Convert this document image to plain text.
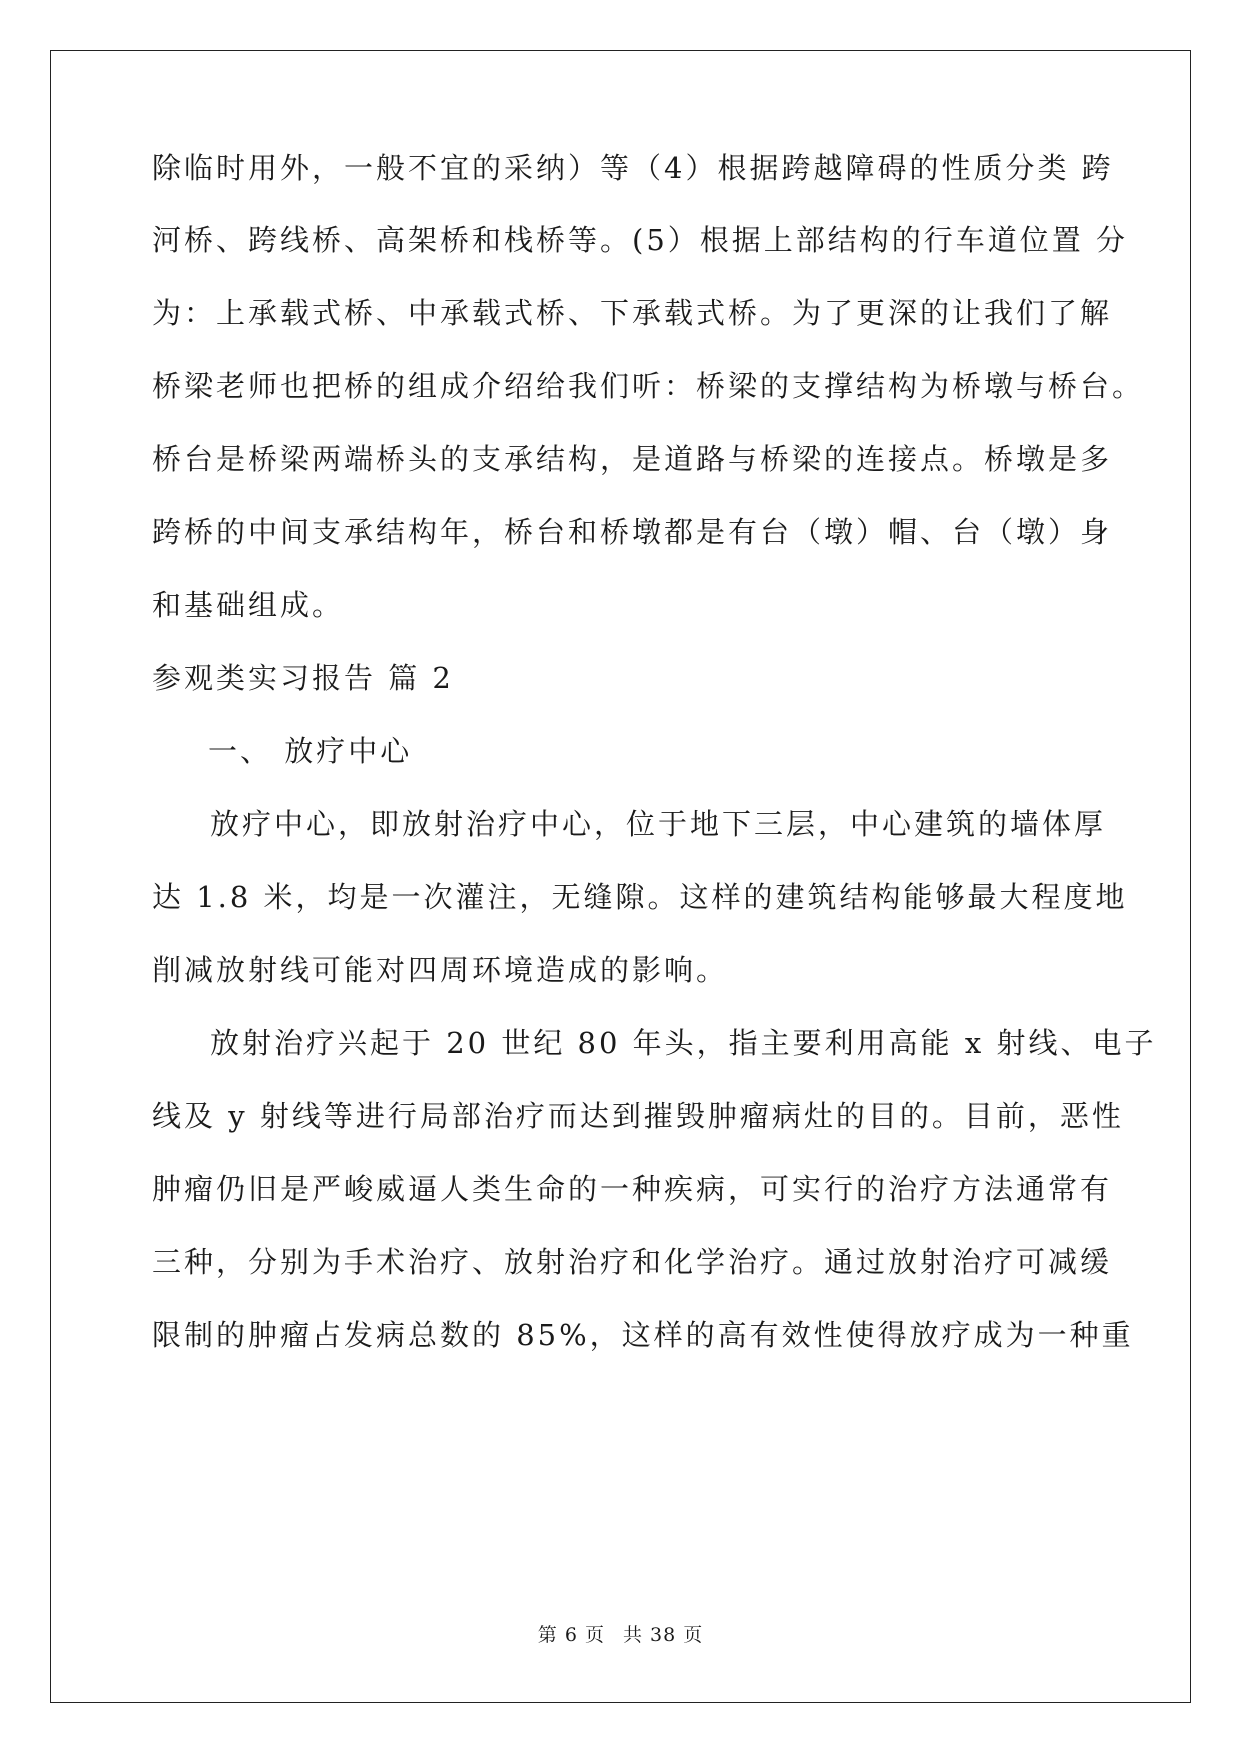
除临时用外，一般不宜的采纳）等（4）根据跨越障碍的性质分类 跨
河桥、跨线桥、高架桥和栈桥等。(5）根据上部结构的行车道位置 分
为：上承载式桥、中承载式桥、下承载式桥。为了更深的让我们了解
桥梁老师也把桥的组成介绍给我们听：桥梁的支撑结构为桥墩与桥台。
桥台是桥梁两端桥头的支承结构，是道路与桥梁的连接点。桥墩是多
跨桥的中间支承结构年，桥台和桥墩都是有台（墩）帽、台（墩）身
和基础组成。
参观类实习报告 篇 2
一、 放疗中心
放疗中心，即放射治疗中心，位于地下三层，中心建筑的墙体厚
达 1.8 米，均是一次灌注，无缝隙。这样的建筑结构能够最大程度地
削减放射线可能对四周环境造成的影响。
放射治疗兴起于 20 世纪 80 年头，指主要利用高能 x 射线、电子
线及 y 射线等进行局部治疗而达到摧毁肿瘤病灶的目的。目前，恶性
肿瘤仍旧是严峻威逼人类生命的一种疾病，可实行的治疗方法通常有
三种，分别为手术治疗、放射治疗和化学治疗。通过放射治疗可减缓
限制的肿瘤占发病总数的 85%，这样的高有效性使得放疗成为一种重
第 6 页 共 38 页
